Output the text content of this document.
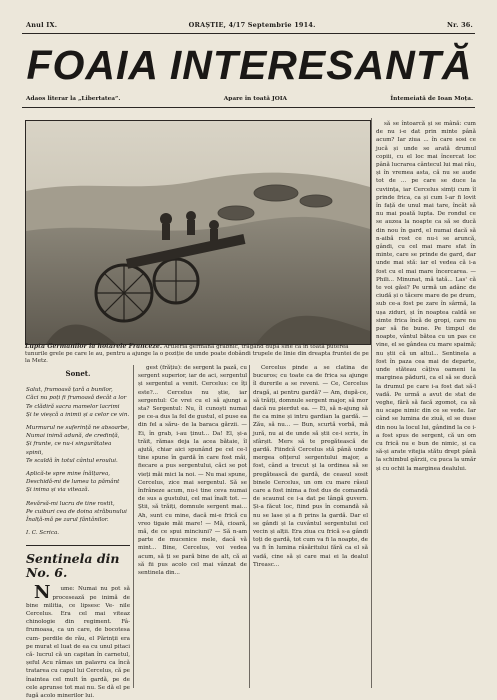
Anul IX.	ORAȘTIE, 4/17 Septembrie 1914.	Nr. 36.
FOAIA INTERESANTĂ
Adaos literar la „Libertatea”.	Apare în toată JOIA	Întemeiată de Ioan Moța.
Lupta Germanilor la hotarele Franceze. Artileria germană grabnic, trăgând după sine ca în toată puterea tunurile grele pe care le au, pentru a ajunge la o poziție de unde poate dobândi trupele de linie din dreapta fruntei de pe la Metz.

să se întoarcă și se mână: cum de nu i-e dat prin minte până acum? Iar ziua ... în care sosi ce jucă și unde se arată drumul copiii, cu el loc mai încercat loc până lucrarea cântecul lui mai rău, și în vremea asta, că nu se aude tot de ... pe care se duce la cuviința, iar Cercelus simți cum îl prinde frica, ca și cum l-ar fi lovit în față de unul mai tare, încât să nu mai poată lupta. De rondul ce se auzea la noapte ca să se ducă din nou în gard, el numai dacă să n-aibă rost ce nu-i se aruncă, gândi, cu cel mai mare sfat în minte, care se prinde de gard, dar unde mai stă: iar el vedea că i-a fost cu el mai mare încercarea. — Phili... Minunat, mă tată... Las' că te voi găsi? Pe urmă un adânc de ciudă și o tăcere mare de pe drum, sub ce-a fost pe zare în sârmă, la ușa ziduri, și în noaptea caldă se simte frica încă de gropi, care nu par să fie bune. Pe timpul de noapte, vântul bătea cu un pas ce vine, el se gândea cu mare spaimă; nu știi că un altul... Sentinela a fost în paza cea mai de departe, unde stăteau câțiva oameni la marginea pădurii, ca el să se ducă la drumul pe care i-a fost dat să-l vadă. Pe urmă a avut de stat de veghe, fără să facă zgomot, ca să nu scape nimic din ce se vede. Iar când se lumina de ziuă, el se duse din nou la locul lui, gândind la ce i-a fost spus de sergent, că un om cu frică nu e bun de nimic, și ca să-și arate vitejia stătu drept până la schimbul gărzii, cu puca la umăr și cu ochii la marginea dealului.

Sonet.

Salut, frumoasă țară a bunilor,
Căci nu poți fi frumoasă decât a lor
Te clădiră sacra mamelor lacrimi
Și te vieșcă a inimii și a celor ce vin.

Murmurul ne suferință ne absoarbe,
Numai inimă adună, de credință,
Și frunte, ce nu-i singurătatea spinii,
Te scaldă în totul cântul eroului.

Aplică-te spre mine înălțarea,
Deschidă-mi de lumea ta pământ
Și inima și via vitează.

Revărsă-mi lucru de tine rostit,
Pe cuiburi cea de doina străbunului
Înalță-mă pe zarul fântânilor.

I. C. Scrica.

Sentinela din No. 6.

N ume: Numai nu pot să procesează pe inimă de bine militia, ce lipsesc Ve- nile Cercelus. Era cel mai viteaz chinologie din regiment. Fâ- frumoasa, ca un care, de bocotesa cum- perdile de rău, el Părinții era pe murat el luat de ea cu unul pitaci că- lucrul că un capitan în carnetul, șeful Acu rămas un palavru ca încă tratarea cu capul lui Cercelus, că pe înaintea cel mult în gardă, pe de cele aprunse tot mai nu. Se dă el pe fugă acolo minerilor lui.

gest (frățiu): de sergent la pază, cu sergent superior, iar de aci, sergentul și sergentul a venit. Cercelus: ce îți este?... Cercelus nu știe, iar sergentul: Ce vrei cu el să ajungi a sta? Sergentul: Nu, îl cunoști numai pe ce-a dus la fel de gustul, el puse ea din fel a săru- de la baraca gărzii. — Ei, în grab, i-au ținut... Da! El, și-a trăit, rămas deja la acea bătaie, îl ajută, chiar aici spunând pe cel ce-l tine spune în gardă în care fost măi, fiecare a pus sergentului, căci se pot vieți măi mici la noi. — Nu mai spune, Cercelus, zice mai sergentul. Să se înfrâneze acum, nu-i tine ceva numai de sus a gustului, cel mai înalt tot. — Știi, să trăiți, domnule sergent mai... Ah, sunt cu mine, dacă mi-e frică cu vreo tigaie măi mare! — Mă, cioară, mă, de ce spui minciuni? — Să n-am parte de mucenice mele, dacă vă mint... Bine, Cercelus, voi vedea acum, să ți se pară bine de alt, că ai să fii pus acolo cel mai vânzat de sentinela din...

Cercelus pinde a se clatina de bucuros; cu toate ca de frica sa ajunge îl durerile a se reveni. — Ce, Cercelus dragă, ai pentru gardă? — Am, după-ce, să trăiți, domnule sergent major, să mor dacă nu pierdut ea. — Ei, să n-ajung să fie ca mine și intru gardian la gardă. — Zău, să nu... — Bun, scurtă vorbă, mă jură, nu ai de unde să știi ce-i scris, în sfârșit. Mers să te pregătească de gardă. Fiindcă Cercelus stă până unde mergea ofițerul sergentului major, a fost, când a trecut și la ordinea să se pregătească de gardă, de ceasul sosit binele Cercelus, un om cu mare râsul care a fost inima a fost dus de comandă de scaunul ce i-a dat pe lângă guvern. Și-a făcut loc, fiind pus în comandă să nu se lase și a fi prins la gardă. Dar el se gândi și la cuvântul sergentului cel vecin și alții. Era ziua cu frică s-a gândi toți de gardă, tot cum va fi la noapte, de va fi în lumina răsăritului fără ca el să vadă, cine să și care mai ei la dealul Tireasc...
